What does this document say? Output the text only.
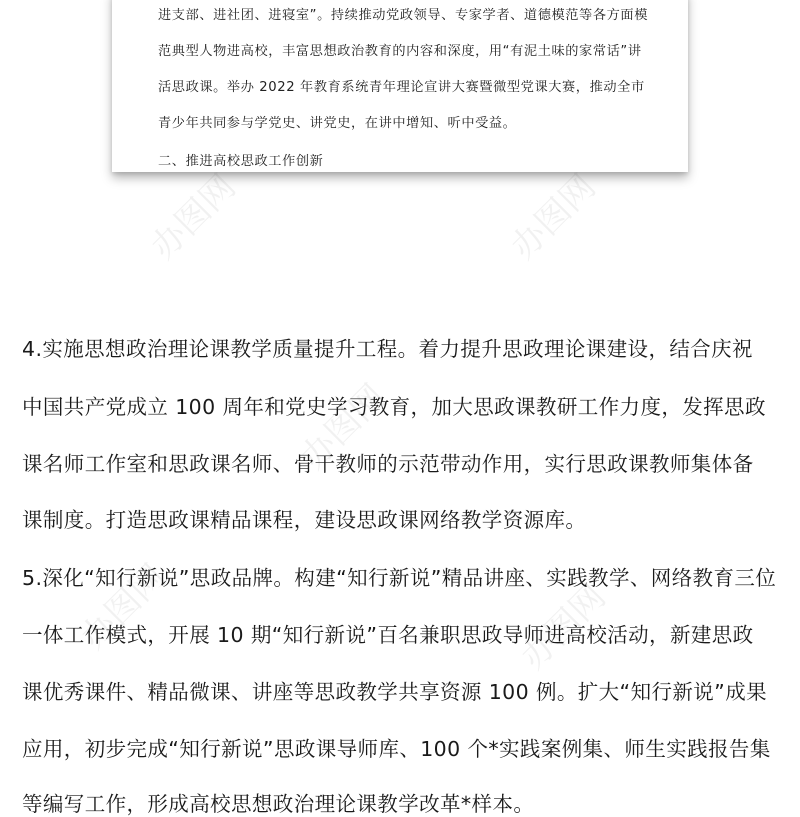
办图网	办图网
办图网
办图网	办图网
进支部、进社团、进寝室”。持续推动党政领导、专家学者、道德模范等各方面模
范典型人物进高校，丰富思想政治教育的内容和深度，用“有泥土味的家常话”讲
活思政课。举办 2022 年教育系统青年理论宣讲大赛暨微型党课大赛，推动全市
青少年共同参与学党史、讲党史，在讲中增知、听中受益。
二、推进高校思政工作创新
4.实施思想政治理论课教学质量提升工程。着力提升思政理论课建设，结合庆祝
中国共产党成立 100 周年和党史学习教育，加大思政课教研工作力度，发挥思政
课名师工作室和思政课名师、骨干教师的示范带动作用，实行思政课教师集体备
课制度。打造思政课精品课程，建设思政课网络教学资源库。
5.深化“知行新说”思政品牌。构建“知行新说”精品讲座、实践教学、网络教育三位
一体工作模式，开展 10 期“知行新说”百名兼职思政导师进高校活动，新建思政
课优秀课件、精品微课、讲座等思政教学共享资源 100 例。扩大“知行新说”成果
应用，初步完成“知行新说”思政课导师库、100 个*实践案例集、师生实践报告集
等编写工作，形成高校思想政治理论课教学改革*样本。
